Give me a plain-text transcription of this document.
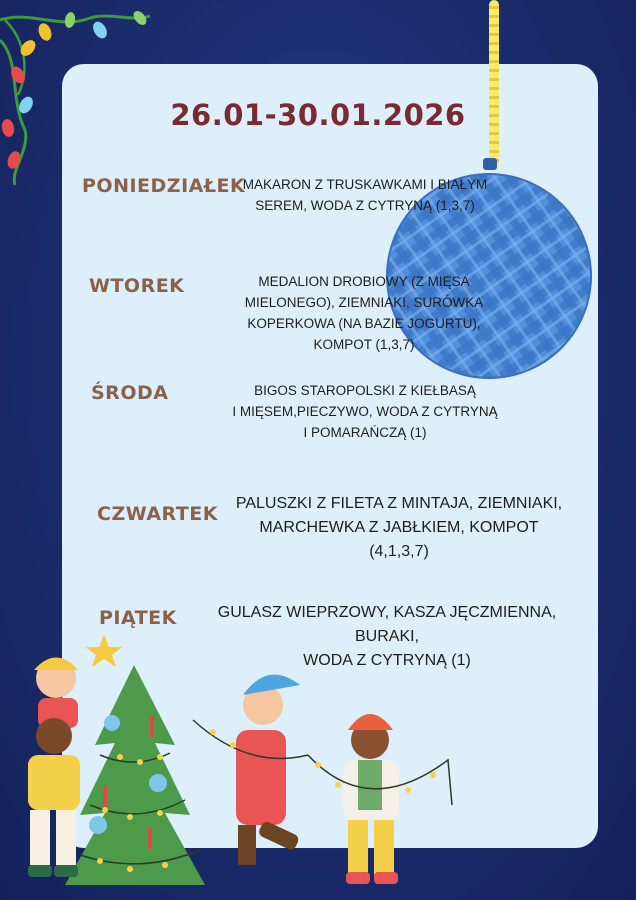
26.01-30.01.2026
PONIEDZIAŁEK

MAKARON Z TRUSKAWKAMI I BIAŁYM

SEREM, WODA Z CYTRYNĄ (1,3,7)

WTOREK	MEDALION DROBIOWY (Z MIĘSA

MIELONEGO), ZIEMNIAKI, SURÓWKA

KOPERKOWA (NA BAZIE JOGURTU),

KOMPOT (1,3,7)

ŚRODA	BIGOS STAROPOLSKI Z KIEŁBASĄ

I MIĘSEM,PIECZYWO, WODA Z CYTRYNĄ

I POMARAŃCZĄ (1)

CZWARTEK	PALUSZKI Z FILETA Z MINTAJA, ZIEMNIAKI,

MARCHEWKA Z JABŁKIEM, KOMPOT

(4,1,3,7)

PIĄTEK	GULASZ WIEPRZOWY, KASZA JĘCZMIENNA,

BURAKI,

WODA Z CYTRYNĄ (1)
